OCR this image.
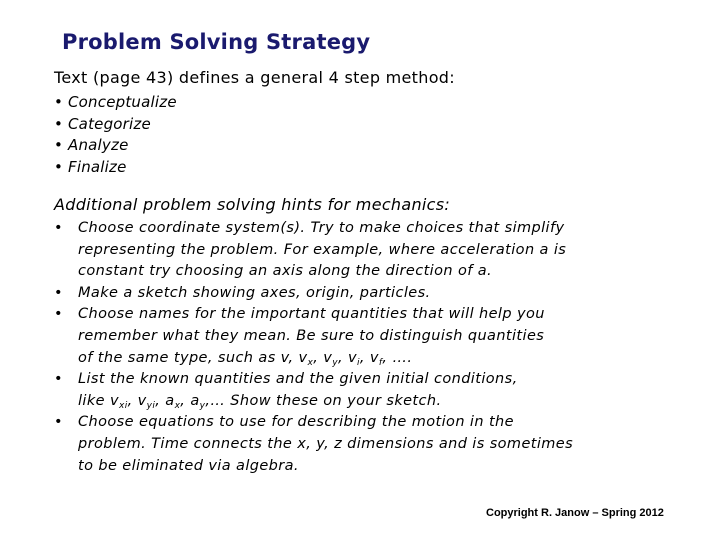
Problem Solving Strategy
Text (page 43) defines a general 4 step method:
• Conceptualize
• Categorize
• Analyze
• Finalize
Additional problem solving hints for mechanics:
• Choose coordinate system(s). Try to make choices that simplify
representing the problem. For example, where acceleration a is
constant try choosing an axis along the direction of a.
• Make a sketch showing axes, origin, particles.
• Choose names for the important quantities that will help you
remember what they mean. Be sure to distinguish quantities
of the same type, such as v, $v_x$, $v_y$, $v_i$, $v_f$, ….
• List the known quantities and the given initial conditions,
like $v_{xi}$, $v_{yi}$, $a_x$, $a_y,\dots$ Show these on your sketch.
• Choose equations to use for describing the motion in the
problem. Time connects the x, y, z dimensions and is sometimes
to be eliminated via algebra.
Copyright R. Janow – Spring 2012
